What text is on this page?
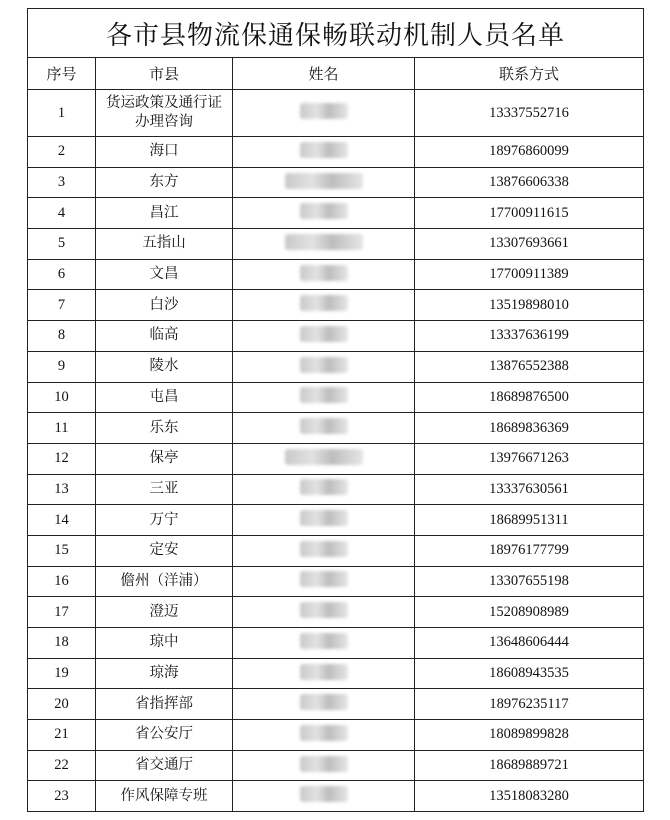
各市县物流保通保畅联动机制人员名单			
序号	市县	姓名	联系方式
1	货运政策及通行证办理咨询		13337552716
2	海口		18976860099
3	东方		13876606338
4	昌江		17700911615
5	五指山		13307693661
6	文昌		17700911389
7	白沙		13519898010
8	临高		13337636199
9	陵水		13876552388
10	屯昌		18689876500
11	乐东		18689836369
12	保亭		13976671263
13	三亚		13337630561
14	万宁		18689951311
15	定安		18976177799
16	儋州（洋浦）		13307655198
17	澄迈		15208908989
18	琼中		13648606444
19	琼海		18608943535
20	省指挥部		18976235117
21	省公安厅		18089899828
22	省交通厅		18689889721
23	作风保障专班		13518083280
